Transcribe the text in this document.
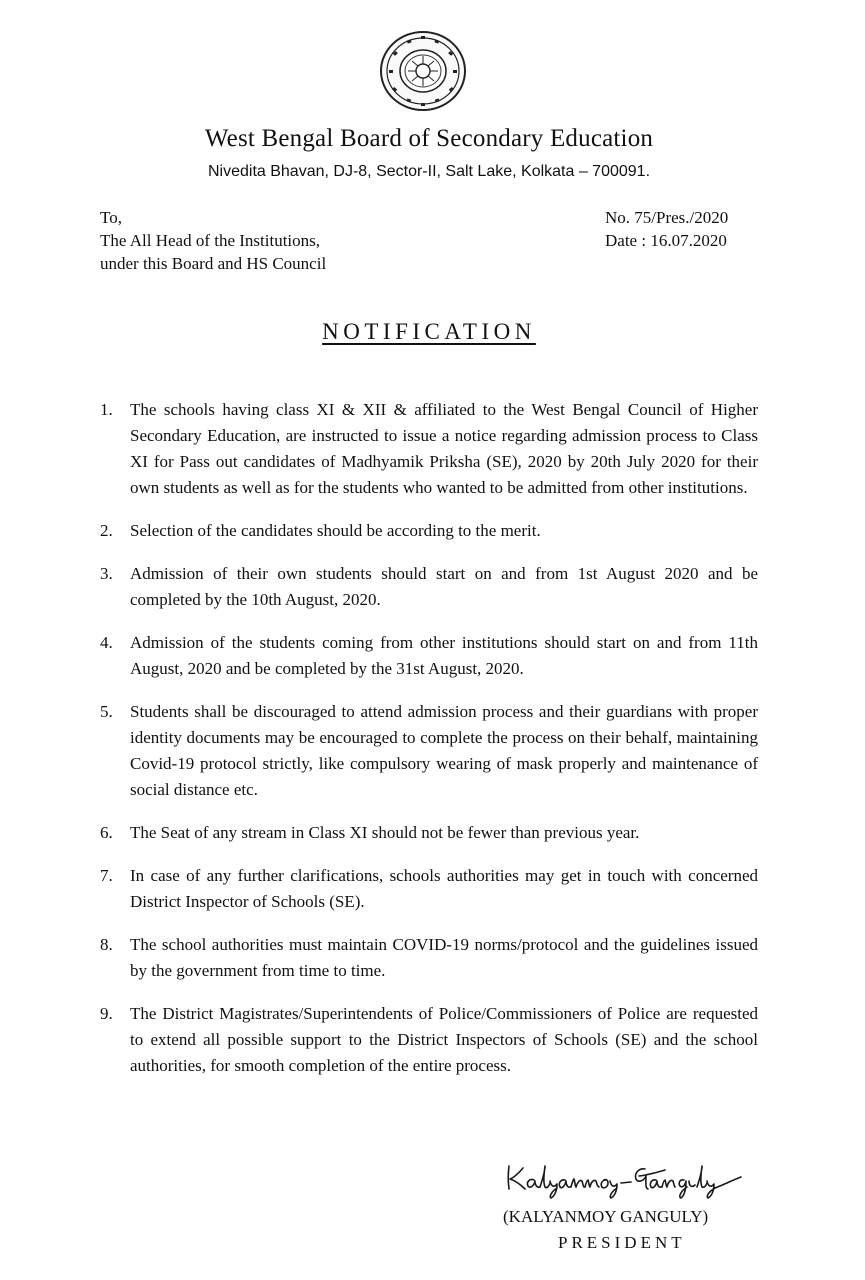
West Bengal Board of Secondary Education
Nivedita Bhavan, DJ-8, Sector-II, Salt Lake, Kolkata – 700091.
To,
The All Head of the Institutions,
under this Board and HS Council
No. 75/Pres./2020
Date : 16.07.2020
NOTIFICATION
1.	The schools having class XI & XII & affiliated to the West Bengal Council of Higher Secondary Education, are instructed to issue a notice regarding admission process to Class XI for Pass out candidates of Madhyamik Priksha (SE), 2020 by 20th July 2020 for their own students as well as for the students who wanted to be admitted from other institutions.
2.	Selection of the candidates should be according to the merit.
3.	Admission of their own students should start on and from 1st August 2020 and be completed by the 10th August, 2020.
4.	Admission of the students coming from other institutions should start on and from 11th August, 2020 and be completed by the 31st August, 2020.
5.	Students shall be discouraged to attend admission process and their guardians with proper identity documents may be encouraged to complete the process on their behalf, maintaining Covid-19 protocol strictly, like compulsory wearing of mask properly and maintenance of social distance etc.
6.	The Seat of any stream in Class XI should not be fewer than previous year.
7.	In case of any further clarifications, schools authorities may get in touch with concerned District Inspector of Schools (SE).
8.	The school authorities must maintain COVID-19 norms/protocol and the guidelines issued by the government from time to time.
9.	The District Magistrates/Superintendents of Police/Commissioners of Police are requested to extend all possible support to the District Inspectors of Schools (SE) and the school authorities, for smooth completion of the entire process.
(KALYANMOY GANGULY)
PRESIDENT
